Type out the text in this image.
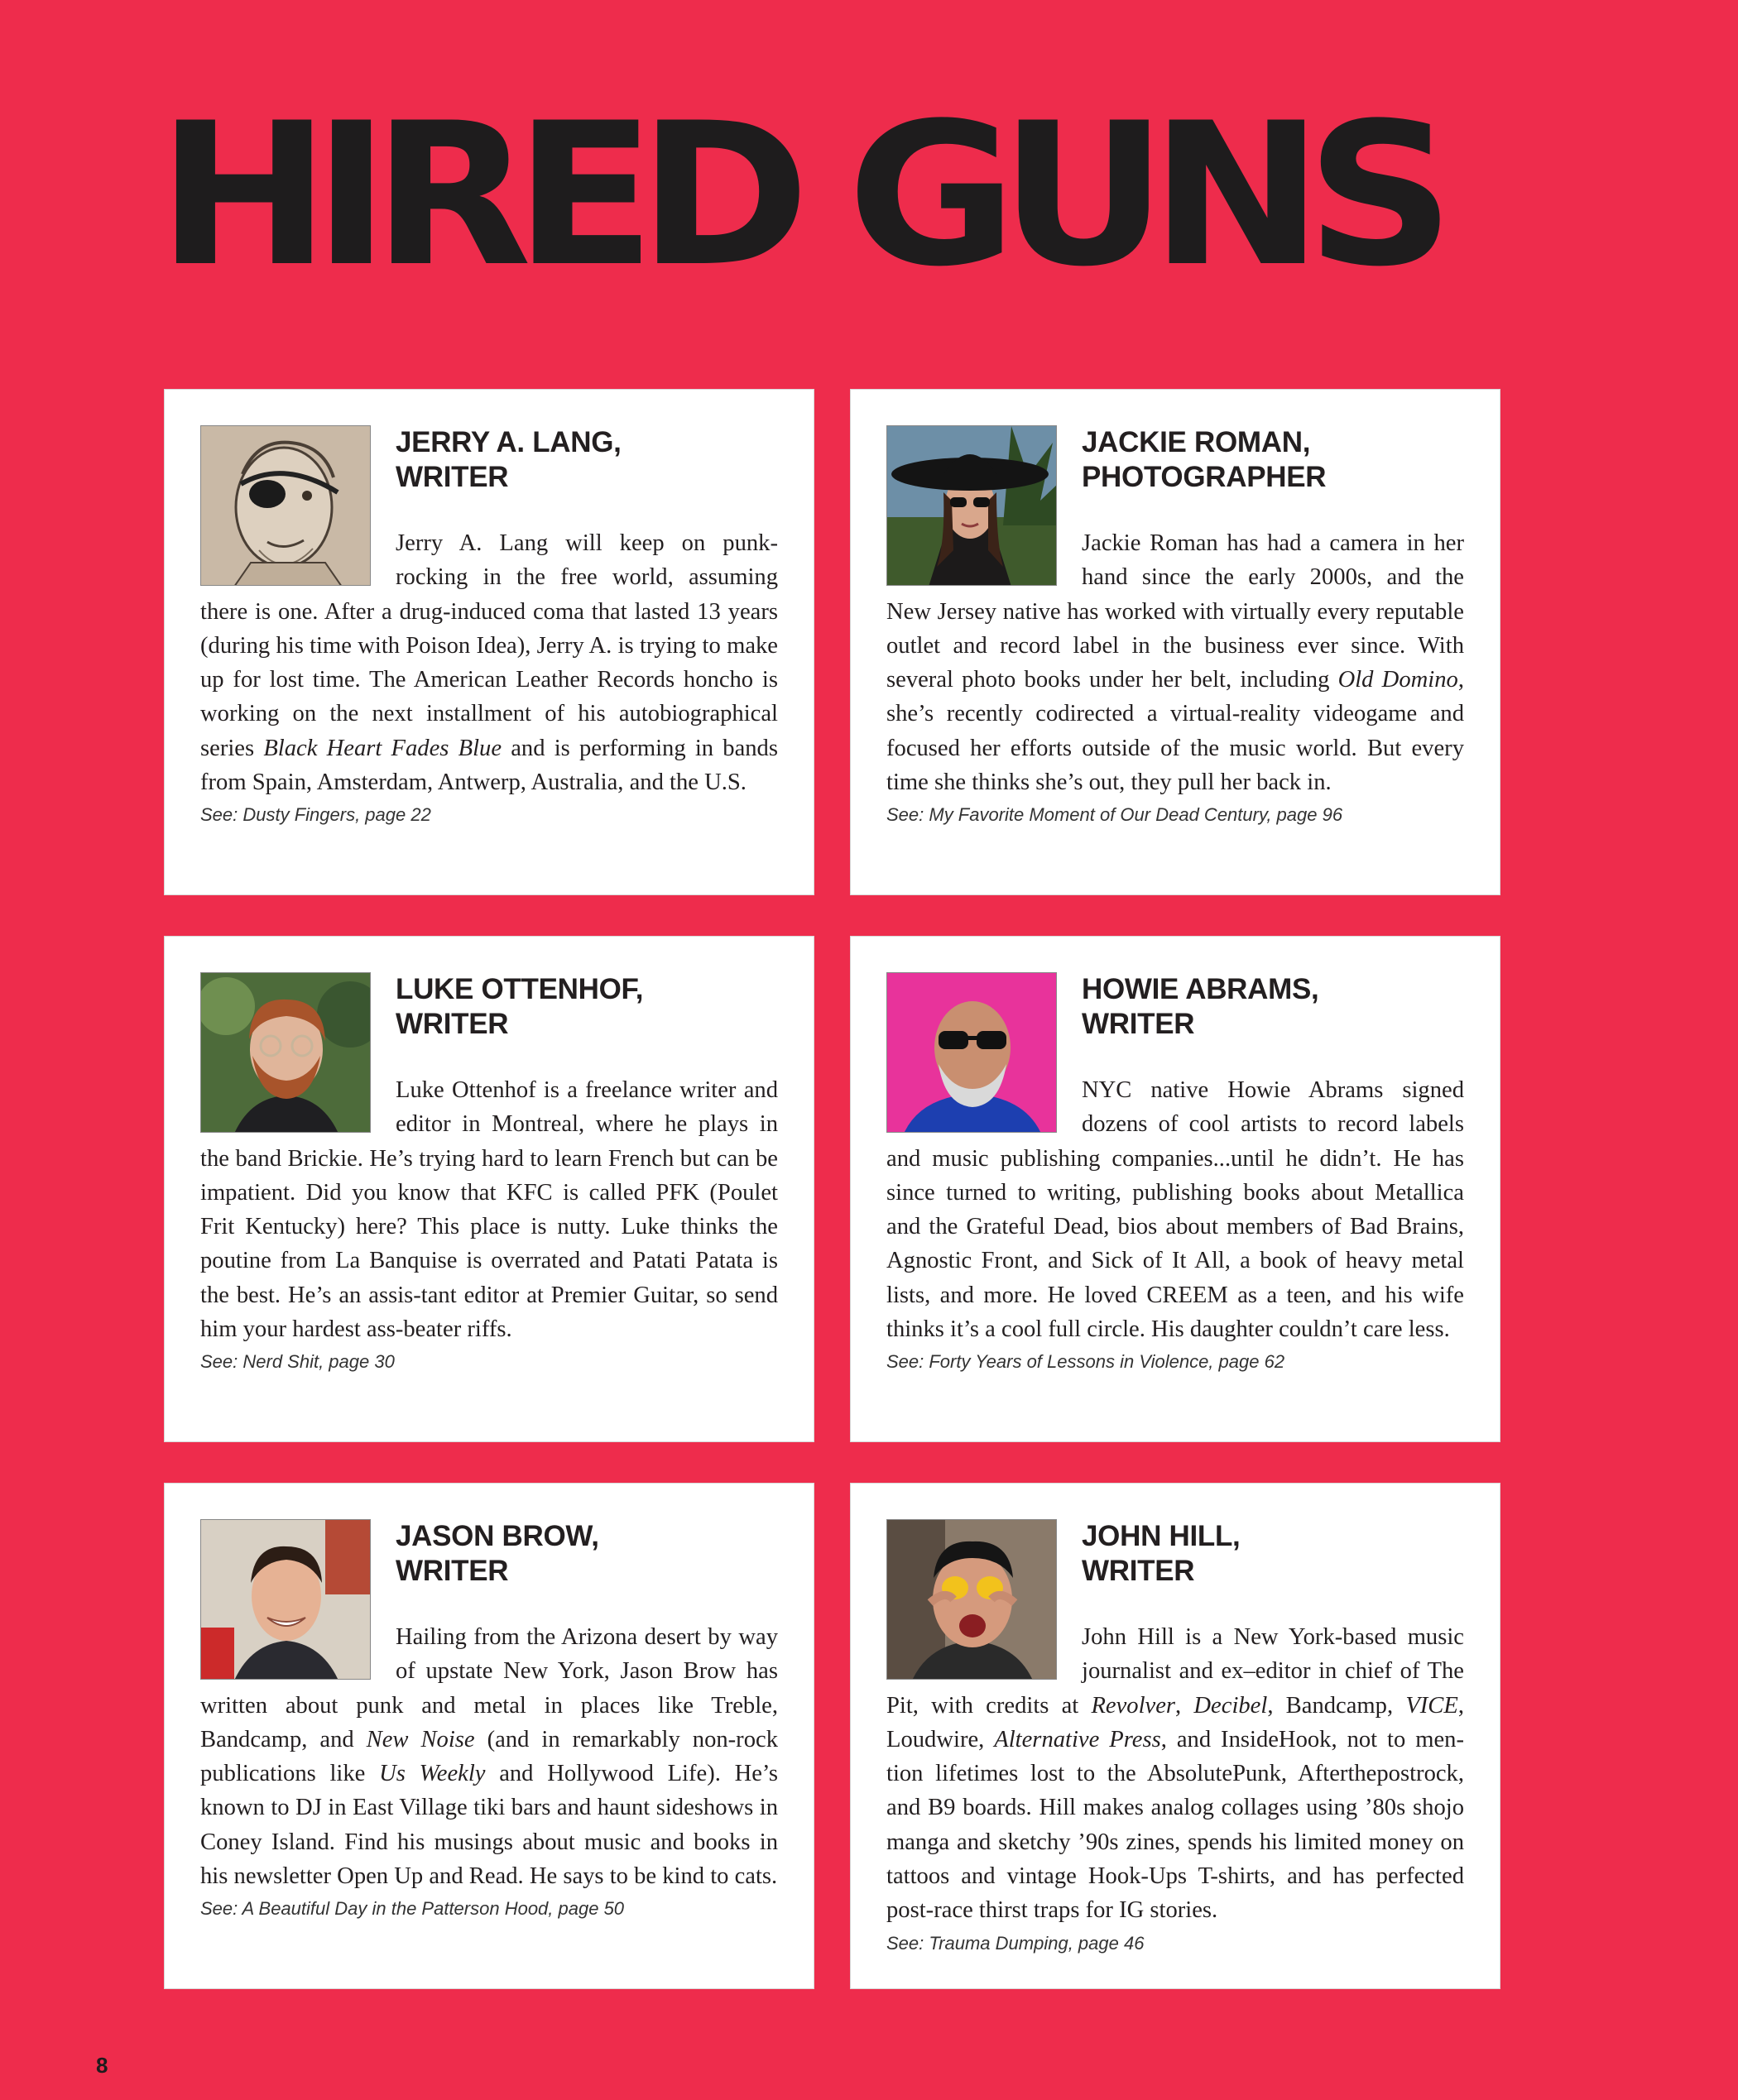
HIRED GUNS
JERRY A. LANG,
WRITER

Jerry A. Lang will keep on punk-rocking in the free world, assuming there is one. After a drug-induced coma that lasted 13 years (during his time with Poison Idea), Jerry A. is trying to make up for lost time. The American Leather Records honcho is working on the next installment of his autobiographical series Black Heart Fades Blue and is performing in bands from Spain, Amsterdam, Antwerp, Australia, and the U.S.

See: Dusty Fingers, page 22

JACKIE ROMAN,
PHOTOGRAPHER

Jackie Roman has had a camera in her hand since the early 2000s, and the New Jersey native has worked with virtually every reputable outlet and record label in the business ever since. With several photo books under her belt, including Old Domino, she’s recently codirected a virtual-reality videogame and focused her efforts outside of the music world. But every time she thinks she’s out, they pull her back in.

See: My Favorite Moment of Our Dead Century, page 96

LUKE OTTENHOF,
WRITER

Luke Ottenhof is a freelance writer and editor in Montreal, where he plays in the band Brickie. He’s trying hard to learn French but can be impatient. Did you know that KFC is called PFK (Poulet Frit Kentucky) here? This place is nutty. Luke thinks the poutine from La Banquise is overrated and Patati Patata is the best. He’s an assis-tant editor at Premier Guitar, so send him your hardest ass-beater riffs.

See: Nerd Shit, page 30

HOWIE ABRAMS,
WRITER

NYC native Howie Abrams signed dozens of cool artists to record labels and music publishing companies...until he didn’t. He has since turned to writing, publishing books about Metallica and the Grateful Dead, bios about members of Bad Brains, Agnostic Front, and Sick of It All, a book of heavy metal lists, and more. He loved CREEM as a teen, and his wife thinks it’s a cool full circle. His daughter couldn’t care less.

See: Forty Years of Lessons in Violence, page 62

JASON BROW,
WRITER

Hailing from the Arizona desert by way of upstate New York, Jason Brow has written about punk and metal in places like Treble, Bandcamp, and New Noise (and in remarkably non-rock publications like Us Weekly and Hollywood Life). He’s known to DJ in East Village tiki bars and haunt sideshows in Coney Island. Find his musings about music and books in his newsletter Open Up and Read. He says to be kind to cats.

See: A Beautiful Day in the Patterson Hood, page 50

JOHN HILL,
WRITER

John Hill is a New York-based music journalist and ex–editor in chief of The Pit, with credits at Revolver, Decibel, Bandcamp, VICE, Loudwire, Alternative Press, and InsideHook, not to men-tion lifetimes lost to the AbsolutePunk, Afterthepostrock, and B9 boards. Hill makes analog collages using ’80s shojo manga and sketchy ’90s zines, spends his limited money on tattoos and vintage Hook-Ups T-shirts, and has perfected post-race thirst traps for IG stories.

See: Trauma Dumping, page 46

8
